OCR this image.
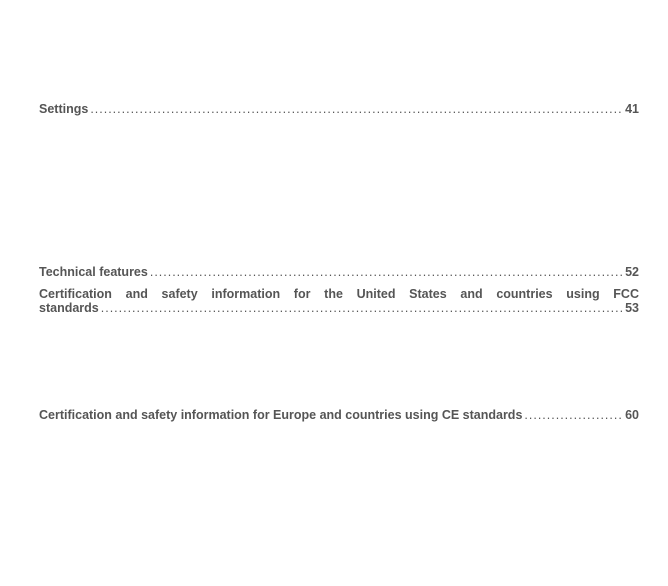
Settings .....	41
Technical features .....	52
Certification and safety information for the United States and countries using FCC
standards .....	53
Certification and safety information for Europe and countries using CE standards .....	60
